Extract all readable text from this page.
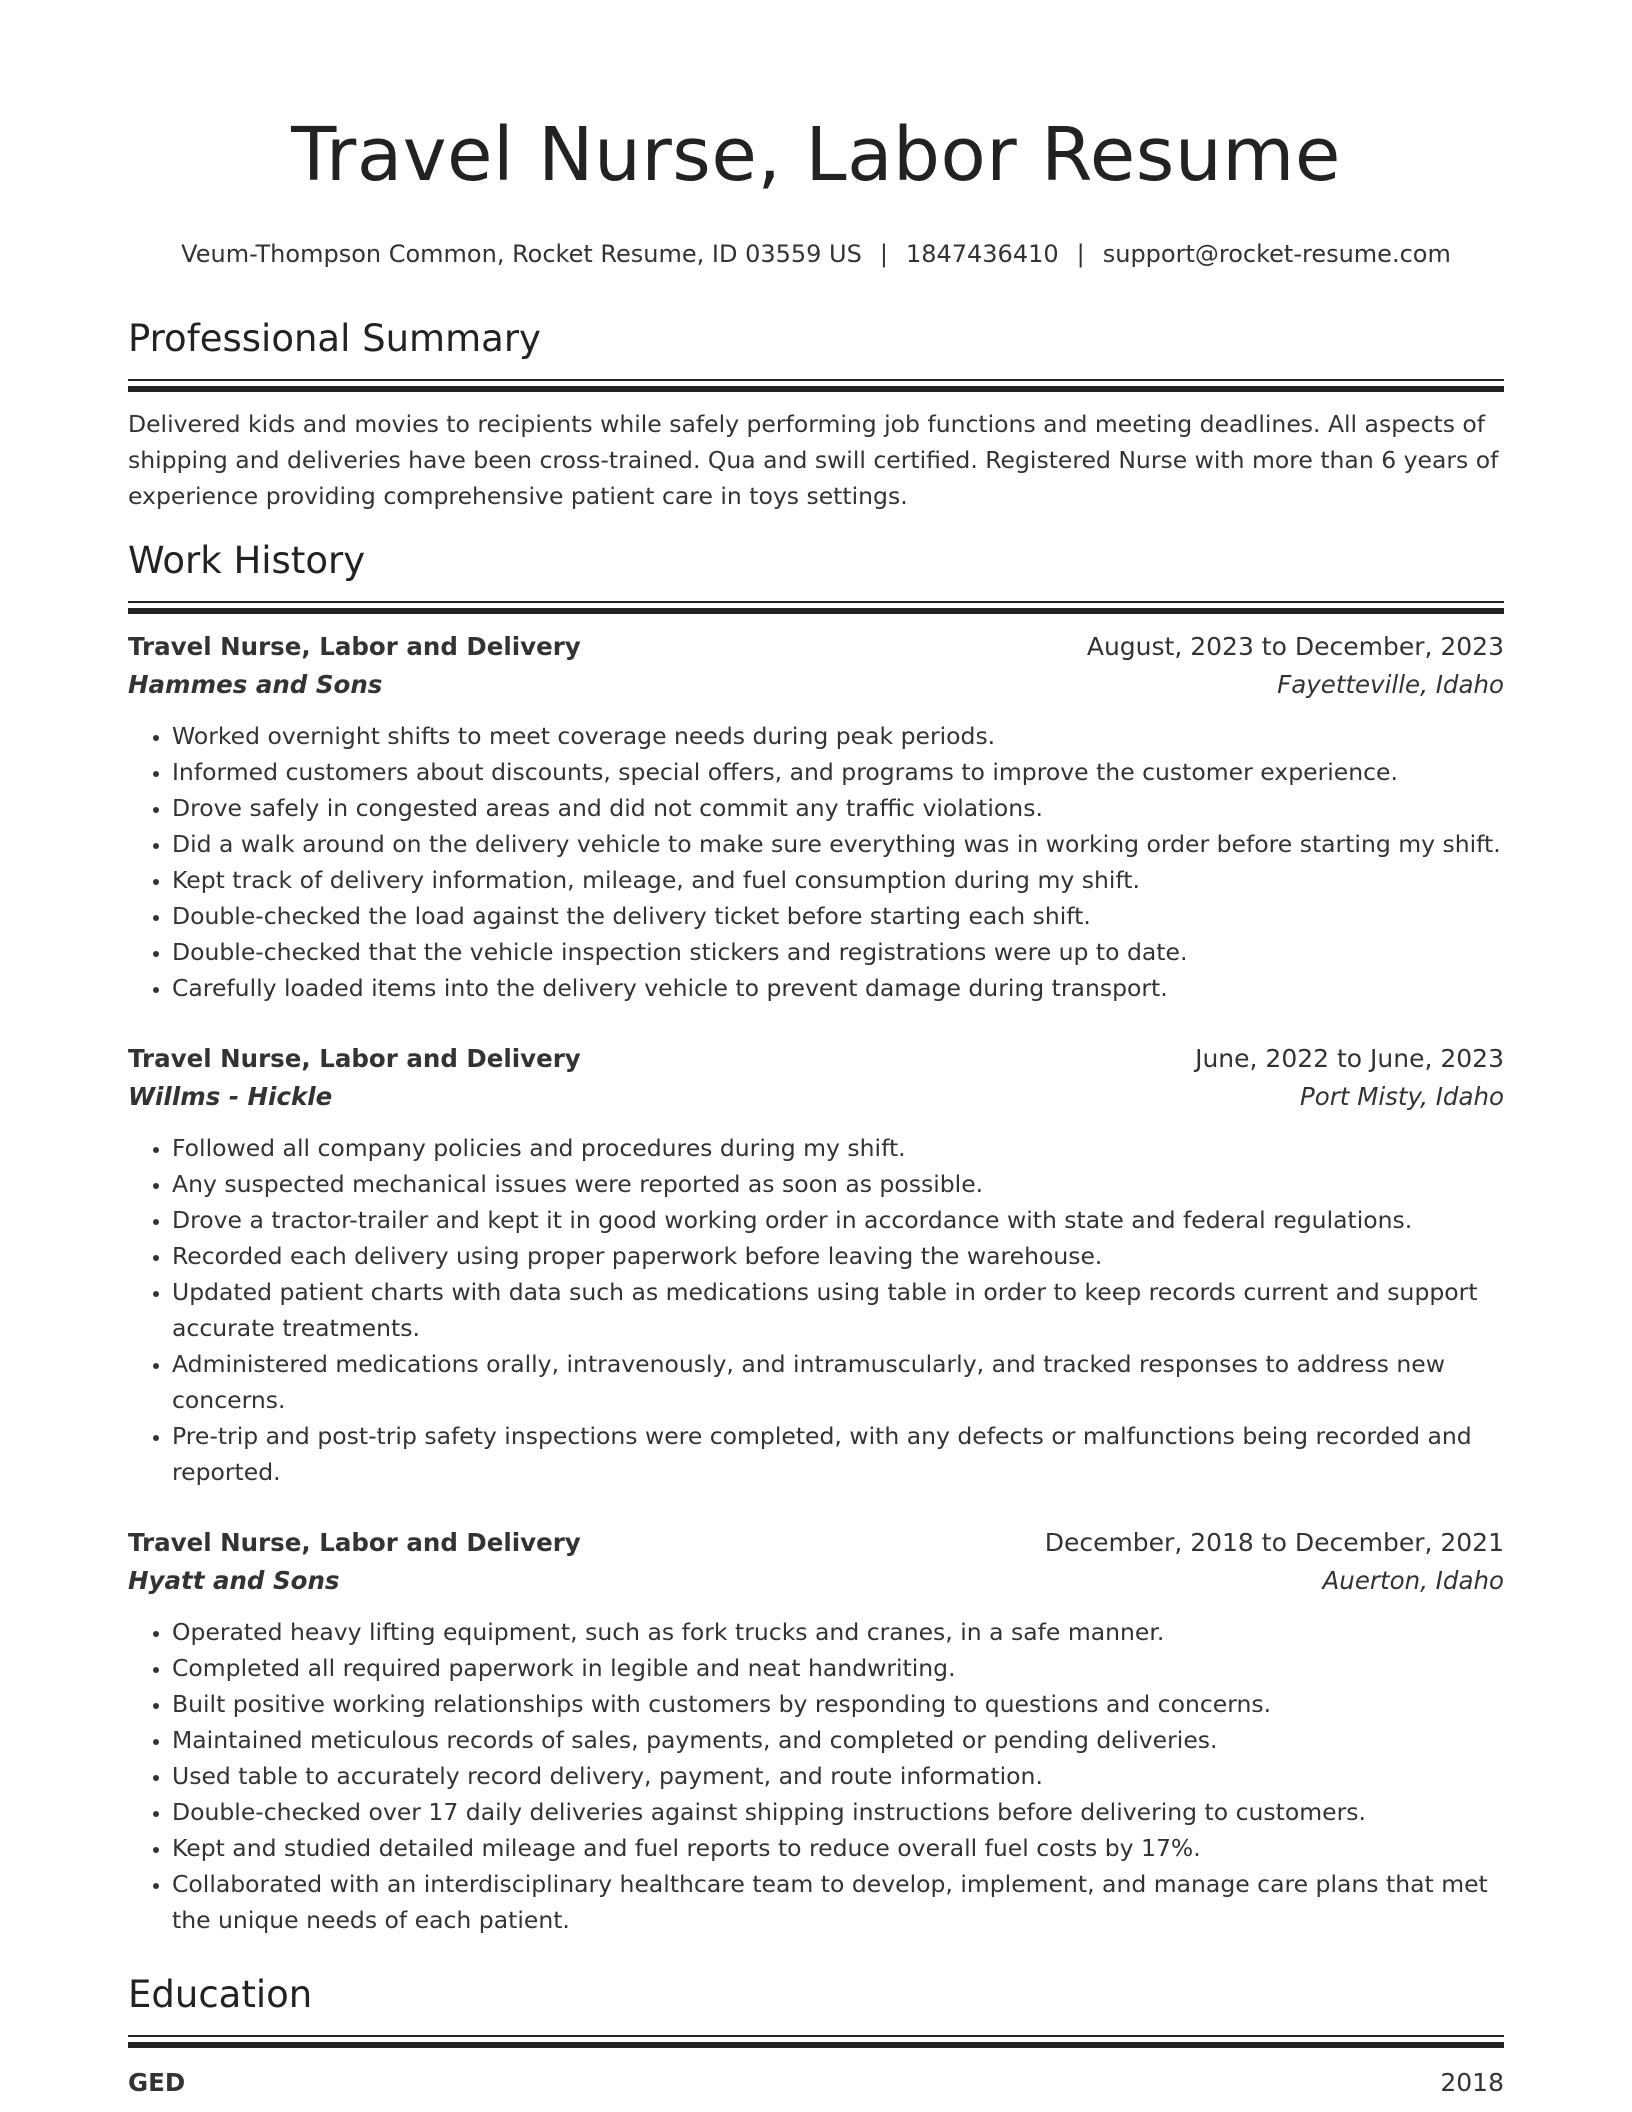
Travel Nurse, Labor Resume
Veum-Thompson Common, Rocket Resume, ID 03559 US | 1847436410 | support@rocket-resume.com
Professional Summary

Delivered kids and movies to recipients while safely performing job functions and meeting deadlines. All aspects of shipping and deliveries have been cross-trained. Qua and swill certified. Registered Nurse with more than 6 years of experience providing comprehensive patient care in toys settings.

Work History
Travel Nurse, Labor and Delivery	August, 2023 to December, 2023
Hammes and Sons	Fayetteville, Idaho
• Worked overnight shifts to meet coverage needs during peak periods.
• Informed customers about discounts, special offers, and programs to improve the customer experience.
• Drove safely in congested areas and did not commit any traffic violations.
• Did a walk around on the delivery vehicle to make sure everything was in working order before starting my shift.
• Kept track of delivery information, mileage, and fuel consumption during my shift.
• Double-checked the load against the delivery ticket before starting each shift.
• Double-checked that the vehicle inspection stickers and registrations were up to date.
• Carefully loaded items into the delivery vehicle to prevent damage during transport.
Travel Nurse, Labor and Delivery	June, 2022 to June, 2023
Willms - Hickle	Port Misty, Idaho
• Followed all company policies and procedures during my shift.
• Any suspected mechanical issues were reported as soon as possible.
• Drove a tractor-trailer and kept it in good working order in accordance with state and federal regulations.
• Recorded each delivery using proper paperwork before leaving the warehouse.
• Updated patient charts with data such as medications using table in order to keep records current and support accurate treatments.
• Administered medications orally, intravenously, and intramuscularly, and tracked responses to address new concerns.
• Pre-trip and post-trip safety inspections were completed, with any defects or malfunctions being recorded and reported.
Travel Nurse, Labor and Delivery	December, 2018 to December, 2021
Hyatt and Sons	Auerton, Idaho
• Operated heavy lifting equipment, such as fork trucks and cranes, in a safe manner.
• Completed all required paperwork in legible and neat handwriting.
• Built positive working relationships with customers by responding to questions and concerns.
• Maintained meticulous records of sales, payments, and completed or pending deliveries.
• Used table to accurately record delivery, payment, and route information.
• Double-checked over 17 daily deliveries against shipping instructions before delivering to customers.
• Kept and studied detailed mileage and fuel reports to reduce overall fuel costs by 17%.
• Collaborated with an interdisciplinary healthcare team to develop, implement, and manage care plans that met the unique needs of each patient.
Education
GED	2018
